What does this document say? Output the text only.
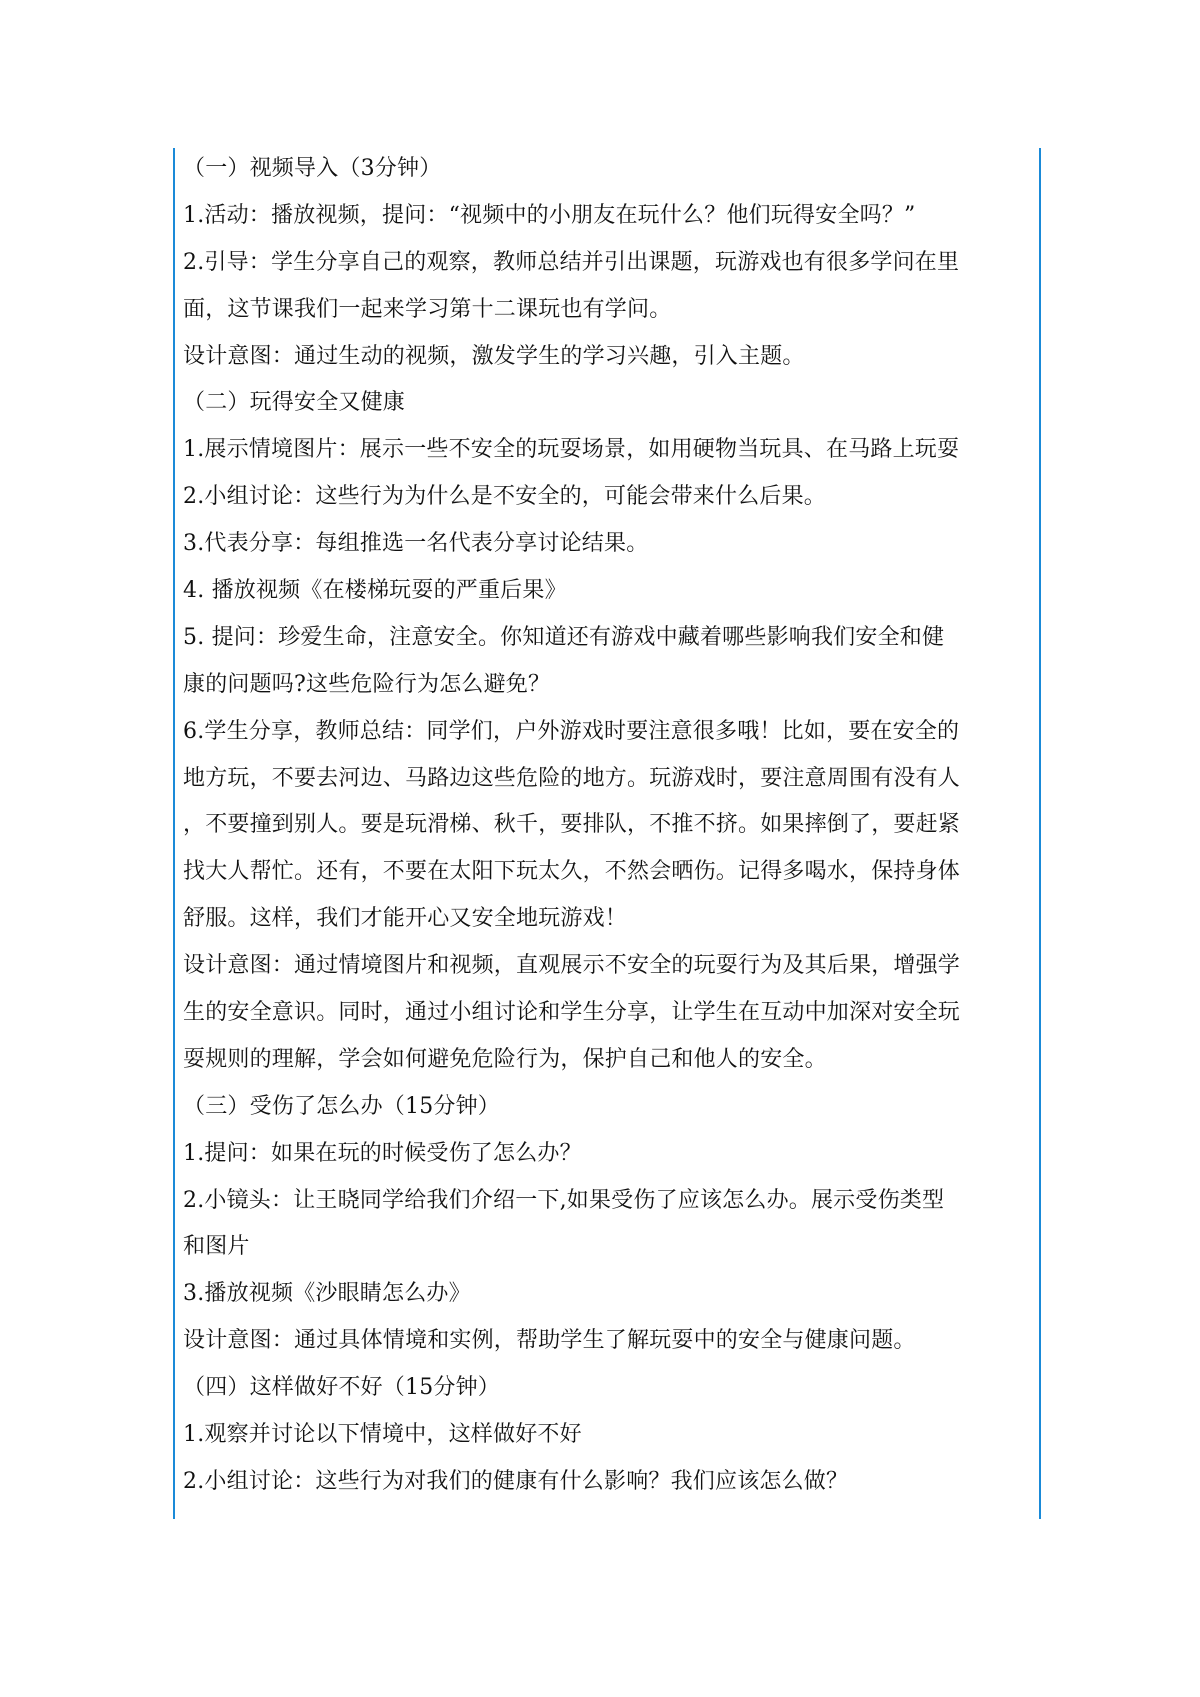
（一）视频导入（3分钟）
1.活动：播放视频，提问：“视频中的小朋友在玩什么？他们玩得安全吗？”
2.引导：学生分享自己的观察，教师总结并引出课题，玩游戏也有很多学问在里
面，这节课我们一起来学习第十二课玩也有学问。
设计意图：通过生动的视频，激发学生的学习兴趣，引入主题。
（二）玩得安全又健康
1.展示情境图片：展示一些不安全的玩耍场景，如用硬物当玩具、在马路上玩耍
2.小组讨论：这些行为为什么是不安全的，可能会带来什么后果。
3.代表分享：每组推选一名代表分享讨论结果。
4. 播放视频《在楼梯玩耍的严重后果》
5. 提问：珍爱生命，注意安全。你知道还有游戏中藏着哪些影响我们安全和健
康的问题吗?这些危险行为怎么避免？
6.学生分享，教师总结：同学们，户外游戏时要注意很多哦！比如，要在安全的
地方玩，不要去河边、马路边这些危险的地方。玩游戏时，要注意周围有没有人
，不要撞到别人。要是玩滑梯、秋千，要排队，不推不挤。如果摔倒了，要赶紧
找大人帮忙。还有，不要在太阳下玩太久，不然会晒伤。记得多喝水，保持身体
舒服。这样，我们才能开心又安全地玩游戏！
设计意图：通过情境图片和视频，直观展示不安全的玩耍行为及其后果，增强学
生的安全意识。同时，通过小组讨论和学生分享，让学生在互动中加深对安全玩
耍规则的理解，学会如何避免危险行为，保护自己和他人的安全。
（三）受伤了怎么办（15分钟）
1.提问：如果在玩的时候受伤了怎么办？
2.小镜头：让王晓同学给我们介绍一下,如果受伤了应该怎么办。展示受伤类型
和图片
3.播放视频《沙眼睛怎么办》
设计意图：通过具体情境和实例，帮助学生了解玩耍中的安全与健康问题。
（四）这样做好不好（15分钟）
1.观察并讨论以下情境中，这样做好不好
2.小组讨论：这些行为对我们的健康有什么影响？我们应该怎么做？
